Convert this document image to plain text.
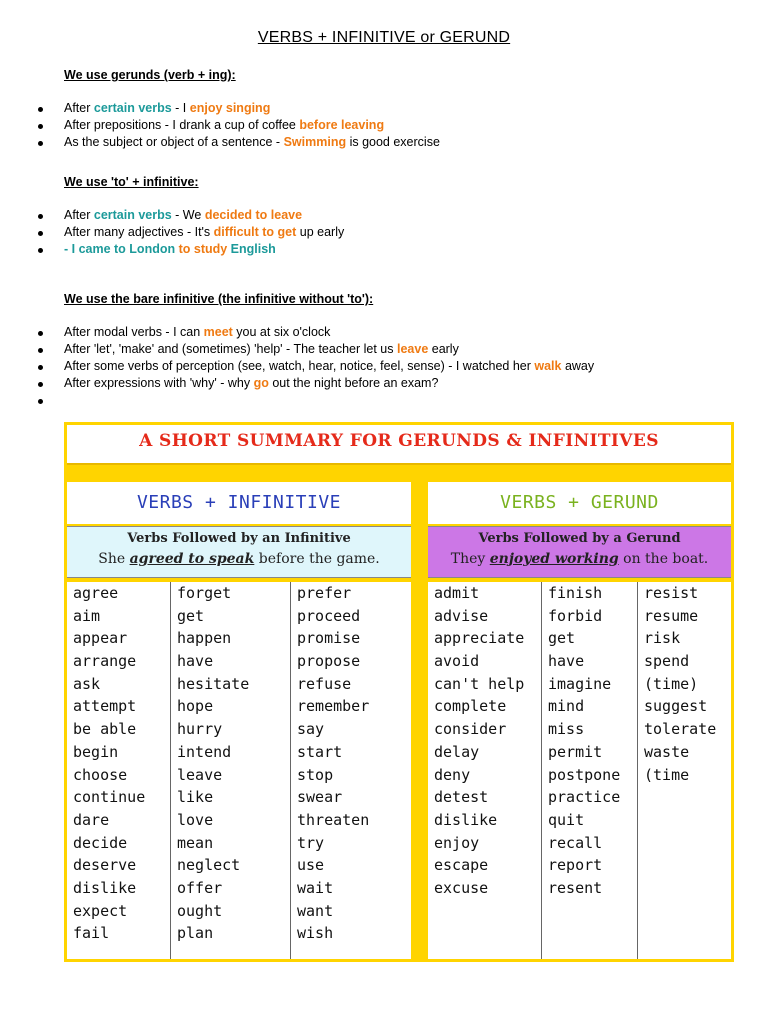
VERBS + INFINITIVE or GERUND
We use gerunds (verb + ing):
After certain verbs - I enjoy singing
After prepositions - I drank a cup of coffee before leaving
As the subject or object of a sentence - Swimming is good exercise
We use 'to' + infinitive:
After certain verbs - We decided to leave
After many adjectives - It's difficult to get up early
- I came to London to study English
We use the bare infinitive (the infinitive without 'to'):
After modal verbs - I can meet you at six o'clock
After 'let', 'make' and (sometimes) 'help' - The teacher let us leave early
After some verbs of perception (see, watch, hear, notice, feel, sense) - I watched her walk away
After expressions with 'why' - why go out the night before an exam?
A SHORT SUMMARY FOR GERUNDS & INFINITIVES
VERBS + INFINITIVE
Verbs Followed by an Infinitive
She agreed to speak before the game.
VERBS + GERUND
Verbs Followed by a Gerund
They enjoyed working on the boat.
agree
aim
appear
arrange
ask
attempt
be able
begin
choose
continue
dare
decide
deserve
dislike
expect
fail
forget
get
happen
have
hesitate
hope
hurry
intend
leave
like
love
mean
neglect
offer
ought
plan
prefer
proceed
promise
propose
refuse
remember
say
start
stop
swear
threaten
try
use
wait
want
wish
admit
advise
appreciate
avoid
can't help
complete
consider
delay
deny
detest
dislike
enjoy
escape
excuse
finish
forbid
get
have
imagine
mind
miss
permit
postpone
practice
quit
recall
report
resent
resist
resume
risk
spend
(time)
suggest
tolerate
waste
(time
